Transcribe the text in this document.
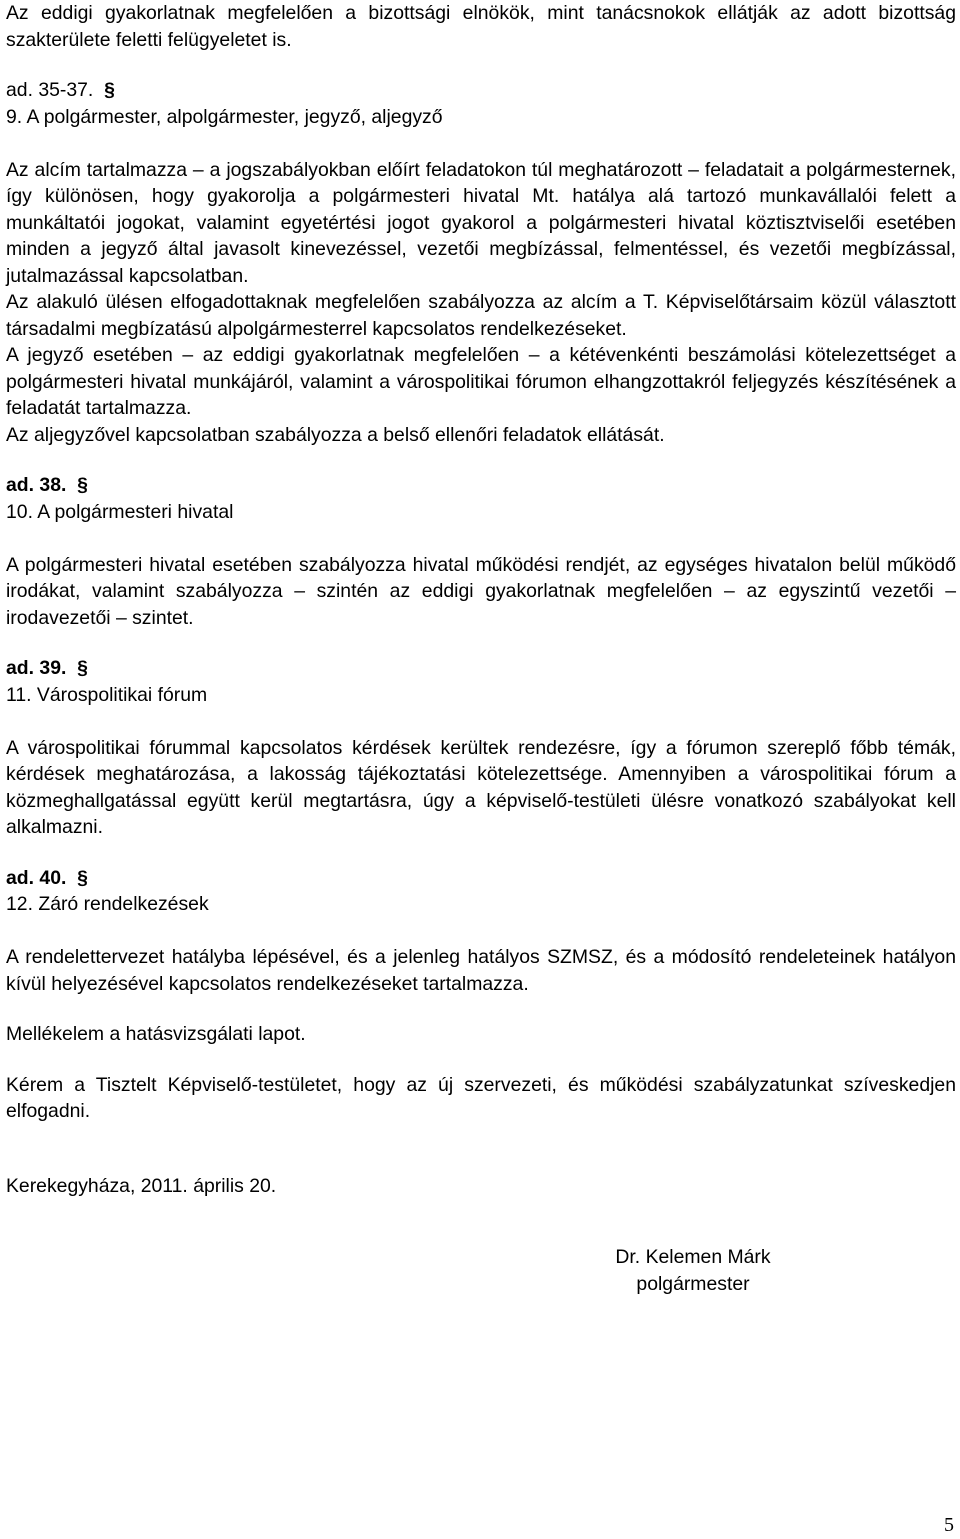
Az eddigi gyakorlatnak megfelelően a bizottsági elnökök, mint tanácsnokok ellátják az adott bizottság szakterülete feletti felügyeletet is.

ad. 35-37.  §

9. A polgármester, alpolgármester, jegyző, aljegyző

Az alcím tartalmazza – a jogszabályokban előírt feladatokon túl meghatározott – feladatait a polgármesternek, így különösen, hogy gyakorolja a polgármesteri hivatal Mt. hatálya alá tartozó munkavállalói felett a munkáltatói jogokat, valamint egyetértési jogot gyakorol a polgármesteri hivatal köztisztviselői esetében minden a jegyző által javasolt kinevezéssel, vezetői megbízással, felmentéssel, és vezetői megbízással, jutalmazással kapcsolatban.

Az alakuló ülésen elfogadottaknak megfelelően szabályozza az alcím a T. Képviselőtársaim közül választott társadalmi megbízatású alpolgármesterrel kapcsolatos rendelkezéseket.

A jegyző esetében – az eddigi gyakorlatnak megfelelően – a kétévenkénti beszámolási kötelezettséget a polgármesteri hivatal munkájáról, valamint a várospolitikai fórumon elhangzottakról feljegyzés készítésének a feladatát tartalmazza.

Az aljegyzővel kapcsolatban szabályozza a belső ellenőri feladatok ellátását.

ad. 38.  §

10. A polgármesteri hivatal

A polgármesteri hivatal esetében szabályozza hivatal működési rendjét, az egységes hivatalon belül működő irodákat, valamint szabályozza – szintén az eddigi gyakorlatnak megfelelően – az egyszintű vezetői – irodavezetői – szintet.

ad. 39.  §

11. Várospolitikai fórum

A várospolitikai fórummal kapcsolatos kérdések kerültek rendezésre, így a fórumon szereplő főbb témák, kérdések meghatározása, a lakosság tájékoztatási kötelezettsége. Amennyiben a várospolitikai fórum a közmeghallgatással együtt kerül megtartásra, úgy a képviselő-testületi ülésre vonatkozó szabályokat kell alkalmazni.

ad. 40.  §

12. Záró rendelkezések

A rendelettervezet hatályba lépésével, és a jelenleg hatályos SZMSZ, és a módosító rendeleteinek hatályon kívül helyezésével kapcsolatos rendelkezéseket tartalmazza.

Mellékelem a hatásvizsgálati lapot.

Kérem a Tisztelt Képviselő-testületet, hogy az új szervezeti, és működési szabályzatunkat szíveskedjen elfogadni.

Kerekegyháza, 2011. április 20.

Dr. Kelemen Márk
polgármester
5
